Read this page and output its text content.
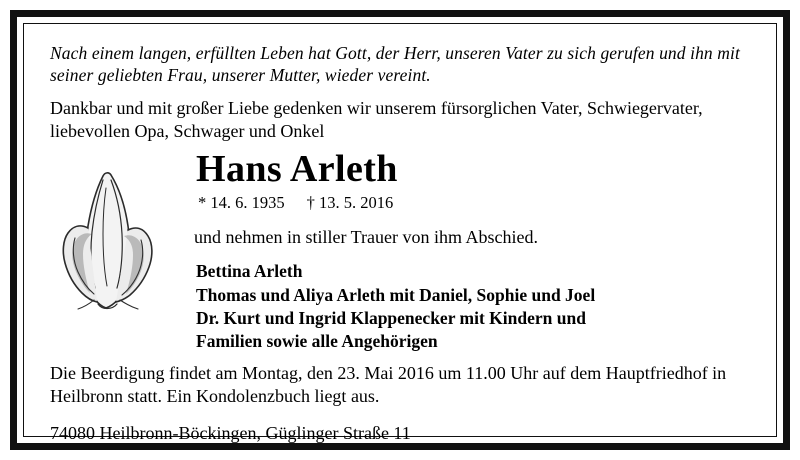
Nach einem langen, erfüllten Leben hat Gott, der Herr, unseren Vater zu sich gerufen und ihn mit seiner geliebten Frau, unserer Mutter, wieder vereint.

Dankbar und mit großer Liebe gedenken wir unserem fürsorglichen Vater, Schwiegervater, liebevollen Opa, Schwager und Onkel

Hans Arleth
* 14. 6. 1935 † 13. 5. 2016
und nehmen in stiller Trauer von ihm Abschied.
Bettina Arleth
Thomas und Aliya Arleth mit Daniel, Sophie und Joel
Dr. Kurt und Ingrid Klappenecker mit Kindern und
Familien sowie alle Angehörigen

Die Beerdigung findet am Montag, den 23. Mai 2016 um 11.00 Uhr auf dem Hauptfriedhof in Heilbronn statt. Ein Kondolenzbuch liegt aus.

74080 Heilbronn-Böckingen, Güglinger Straße 11
